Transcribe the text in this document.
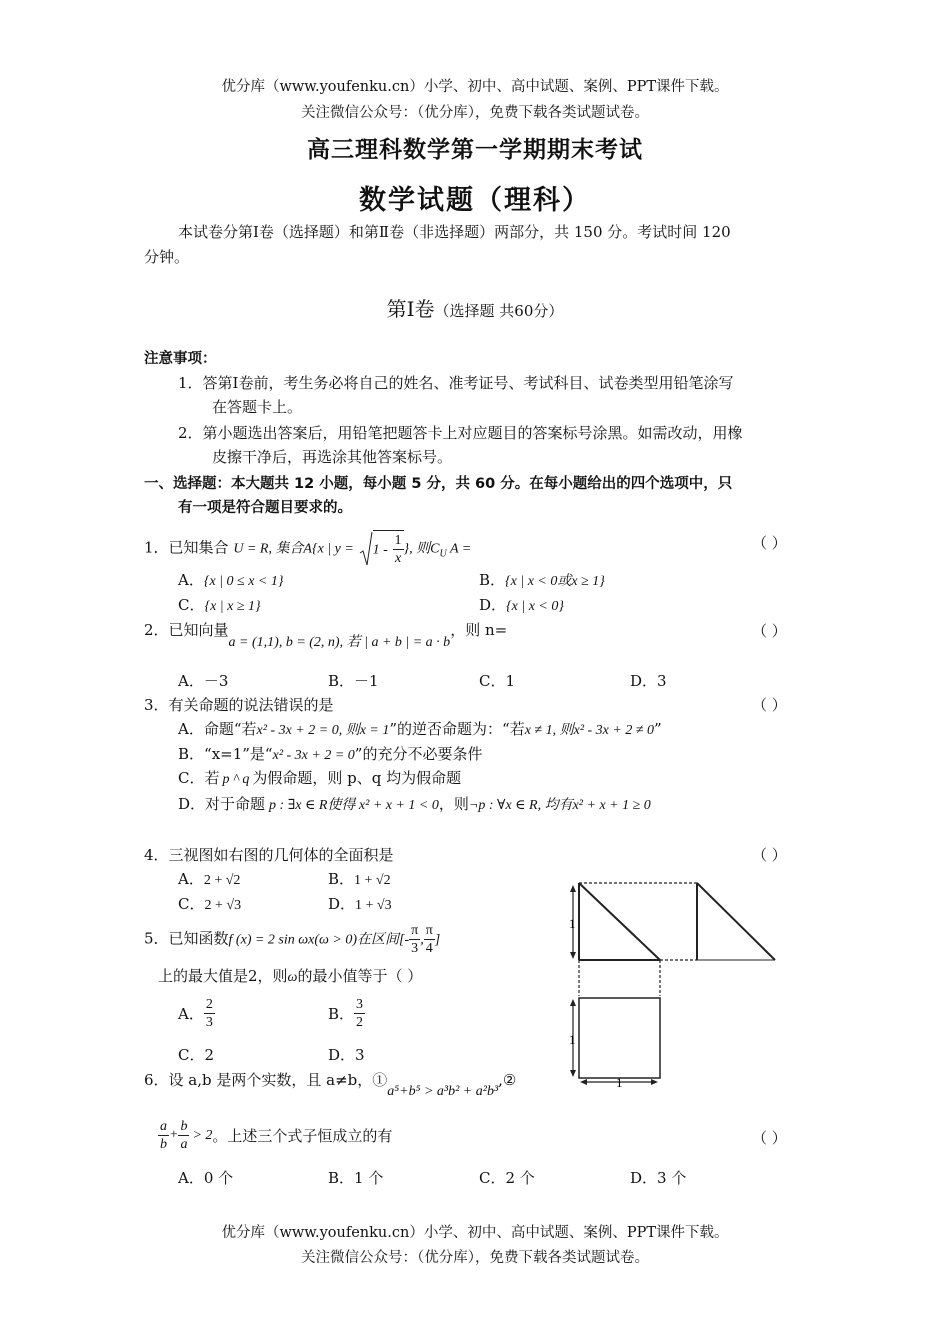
优分库（www.youfenku.cn）小学、初中、高中试题、案例、PPT课件下载。
关注微信公众号：（优分库），免费下载各类试题试卷。
高三理科数学第一学期期末考试
数学试题（理科）
本试卷分第Ⅰ卷（选择题）和第Ⅱ卷（非选择题）两部分，共 150 分。考试时间 120
分钟。
第Ⅰ卷（选择题 共60分）
注意事项：
1．答第Ⅰ卷前，考生务必将自己的姓名、准考证号、考试科目、试卷类型用铅笔涂写
在答题卡上。
2．第小题选出答案后，用铅笔把题答卡上对应题目的答案标号涂黑。如需改动，用橡
皮擦干净后，再选涂其他答案标号。
一、选择题：本大题共 12 小题，每小题 5 分，共 60 分。在每小题给出的四个选项中，只
有一项是符合题目要求的。
1．已知集合 U = R, 集合A{x | $y = 1 - \frac{1}{x}$ }, 则$C_U$ A =	（ ）
A．{x | 0 ≤ x < 1}	B．{x | x < 0或x ≥ 1}
C．{x | x ≥ 1}	D．{x | x < 0}
2．已知向量a = (1,1), b = (2, n), 若 | a + b | = a · b，则 n=	（ ）
A．－3	B．－1	C．1	D．3
3．有关命题的说法错误的是	（ ）
A．命题“若x² - 3x + 2 = 0, 则x = 1”的逆否命题为：“若x ≠ 1, 则x² - 3x + 2 ≠ 0”
B．“x=1”是“x² - 3x + 2 = 0”的充分不必要条件
C．若 p ^ q 为假命题，则 p、q 均为假命题
D．对于命题 p : ∃x ∈ R使得 x² + x + 1 < 0，则¬p : ∀x ∈ R, 均有x² + x + 1 ≥ 0
4．三视图如右图的几何体的全面积是	（ ）
A．2 + √2	B．1 + √2
C．2 + √3	D．1 + √3
1
1
1
5．已知函数f (x) = 2 sin ωx(ω > 0)在区间[- $\frac{\pi}{3}$ , $\frac{\pi}{4}$ ]
上的最大值是2，则ω的最小值等于（ ）
A． $\frac{2}{3}$	B． $\frac{3}{2}$
C．2	D．3
6．设 a,b 是两个实数，且 a≠b，①a⁵+b⁵ > a³b² + a²b³,②
$\frac{a}{b} + \frac{b}{a} > 2$。上述三个式子恒成立的有	（ ）
A．0 个	B．1 个	C．2 个	D．3 个
优分库（www.youfenku.cn）小学、初中、高中试题、案例、PPT课件下载。
关注微信公众号：（优分库），免费下载各类试题试卷。
